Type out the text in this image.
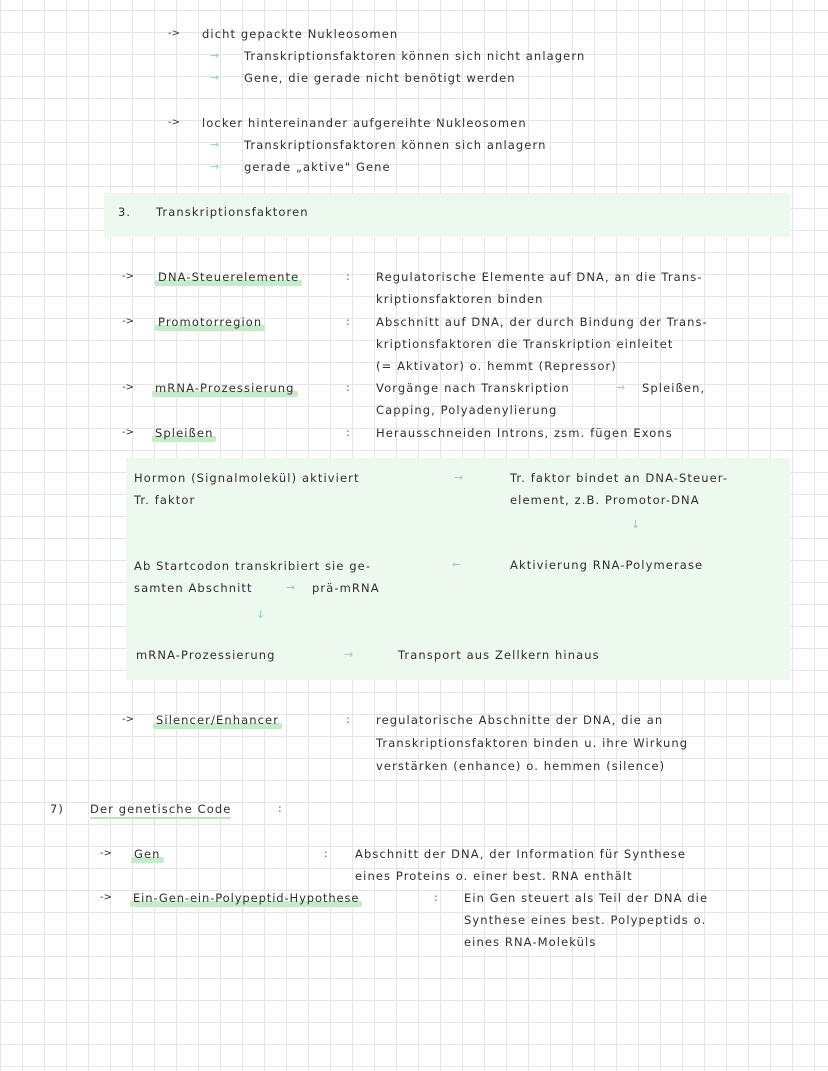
-> dicht gepackte Nukleosomen
→ Transkriptionsfaktoren können sich nicht anlagern
→ Gene, die gerade nicht benötigt werden
-> locker hintereinander aufgereihte Nukleosomen
→ Transkriptionsfaktoren können sich anlagern
→ gerade „aktive" Gene
3. Transkriptionsfaktoren
-> DNA-Steuerelemente	: Regulatorische Elemente auf DNA, an die Trans-
kriptionsfaktoren binden
-> Promotorregion	: Abschnitt auf DNA, der durch Bindung der Trans-
kriptionsfaktoren die Transkription einleitet
(= Aktivator) o. hemmt (Repressor)
-> mRNA-Prozessierung	: Vorgänge nach Transkription	→ Spleißen,
Capping, Polyadenylierung
-> Spleißen	: Herausschneiden Introns, zsm. fügen Exons
Hormon (Signalmolekül) aktiviert
Tr. faktor
→	Tr. faktor bindet an DNA-Steuer-
element, z.B. Promotor-DNA
↓
Aktivierung RNA-Polymerase
←
Ab Startcodon transkribiert sie ge-
samten Abschnitt	→ prä-mRNA
↓
mRNA-Prozessierung	→	Transport aus Zellkern hinaus
-> Silencer/Enhancer	: regulatorische Abschnitte der DNA, die an
Transkriptionsfaktoren binden u. ihre Wirkung
verstärken (enhance) o. hemmen (silence)
7) Der genetische Code	:
-> Gen	: Abschnitt der DNA, der Information für Synthese
eines Proteins o. einer best. RNA enthält
-> Ein-Gen-ein-Polypeptid-Hypothese	: Ein Gen steuert als Teil der DNA die
Synthese eines best. Polypeptids o.
eines RNA-Moleküls
